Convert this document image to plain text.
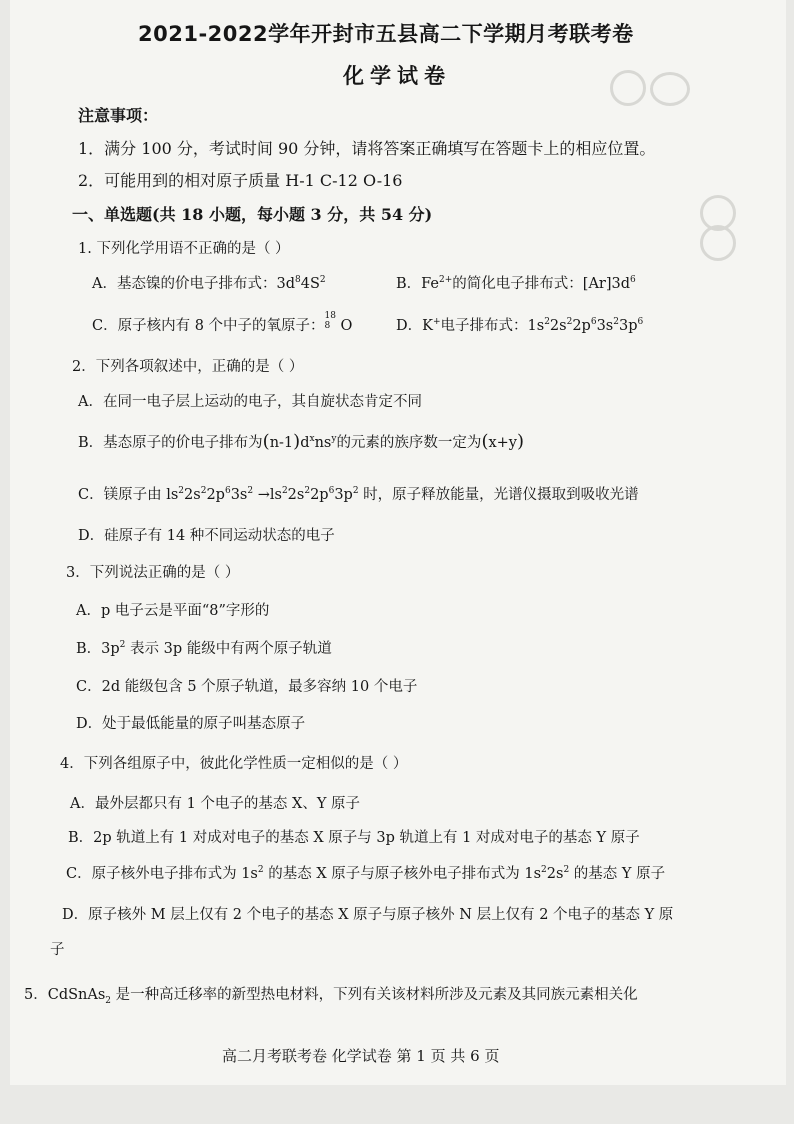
2021-2022学年开封市五县高二下学期月考联考卷
化学试卷
注意事项：
1．满分 100 分，考试时间 90 分钟，请将答案正确填写在答题卡上的相应位置。
2．可能用到的相对原子质量 H-1 C-12 O-16
一、单选题(共 18 小题，每小题 3 分，共 54 分)
1. 下列化学用语不正确的是（ ）
A．基态镍的价电子排布式：$3d^84S^2$	B．$Fe^{2+}$的简化电子排布式：$[Ar]3d^6$
C．原子核内有 8 个中子的氧原子：
18
8 O	D．K+电子排布式：$1s^22s^22p^63s^23p^6$
2．下列各项叙述中，正确的是（ ）
A．在同一电子层上运动的电子，其自旋状态肯定不同
B．基态原子的价电子排布为$(n-1)d^xns^y$的元素的族序数一定为(x+y)
C．镁原子由 $ls^22s^22p^63s^2 \to ls^22s^22p^63p^2$ 时，原子释放能量，光谱仪摄取到吸收光谱
D．硅原子有 14 种不同运动状态的电子
3．下列说法正确的是（ ）
A．p 电子云是平面“8”字形的
B．$3p^2$ 表示 3p 能级中有两个原子轨道
C．2d 能级包含 5 个原子轨道，最多容纳 10 个电子
D．处于最低能量的原子叫基态原子
4．下列各组原子中，彼此化学性质一定相似的是（ ）
A．最外层都只有 1 个电子的基态 X、Y 原子
B．2p 轨道上有 1 对成对电子的基态 X 原子与 3p 轨道上有 1 对成对电子的基态 Y 原子
C．原子核外电子排布式为 $1s^2$ 的基态 X 原子与原子核外电子排布式为 $1s^22s^2$ 的基态 Y 原子
D．原子核外 M 层上仅有 2 个电子的基态 X 原子与原子核外 N 层上仅有 2 个电子的基态 Y 原
子
5．CdSnAs$_2$ 是一种高迁移率的新型热电材料，下列有关该材料所涉及元素及其同族元素相关化
高二月考联考卷 化学试卷 第 1 页 共 6 页
